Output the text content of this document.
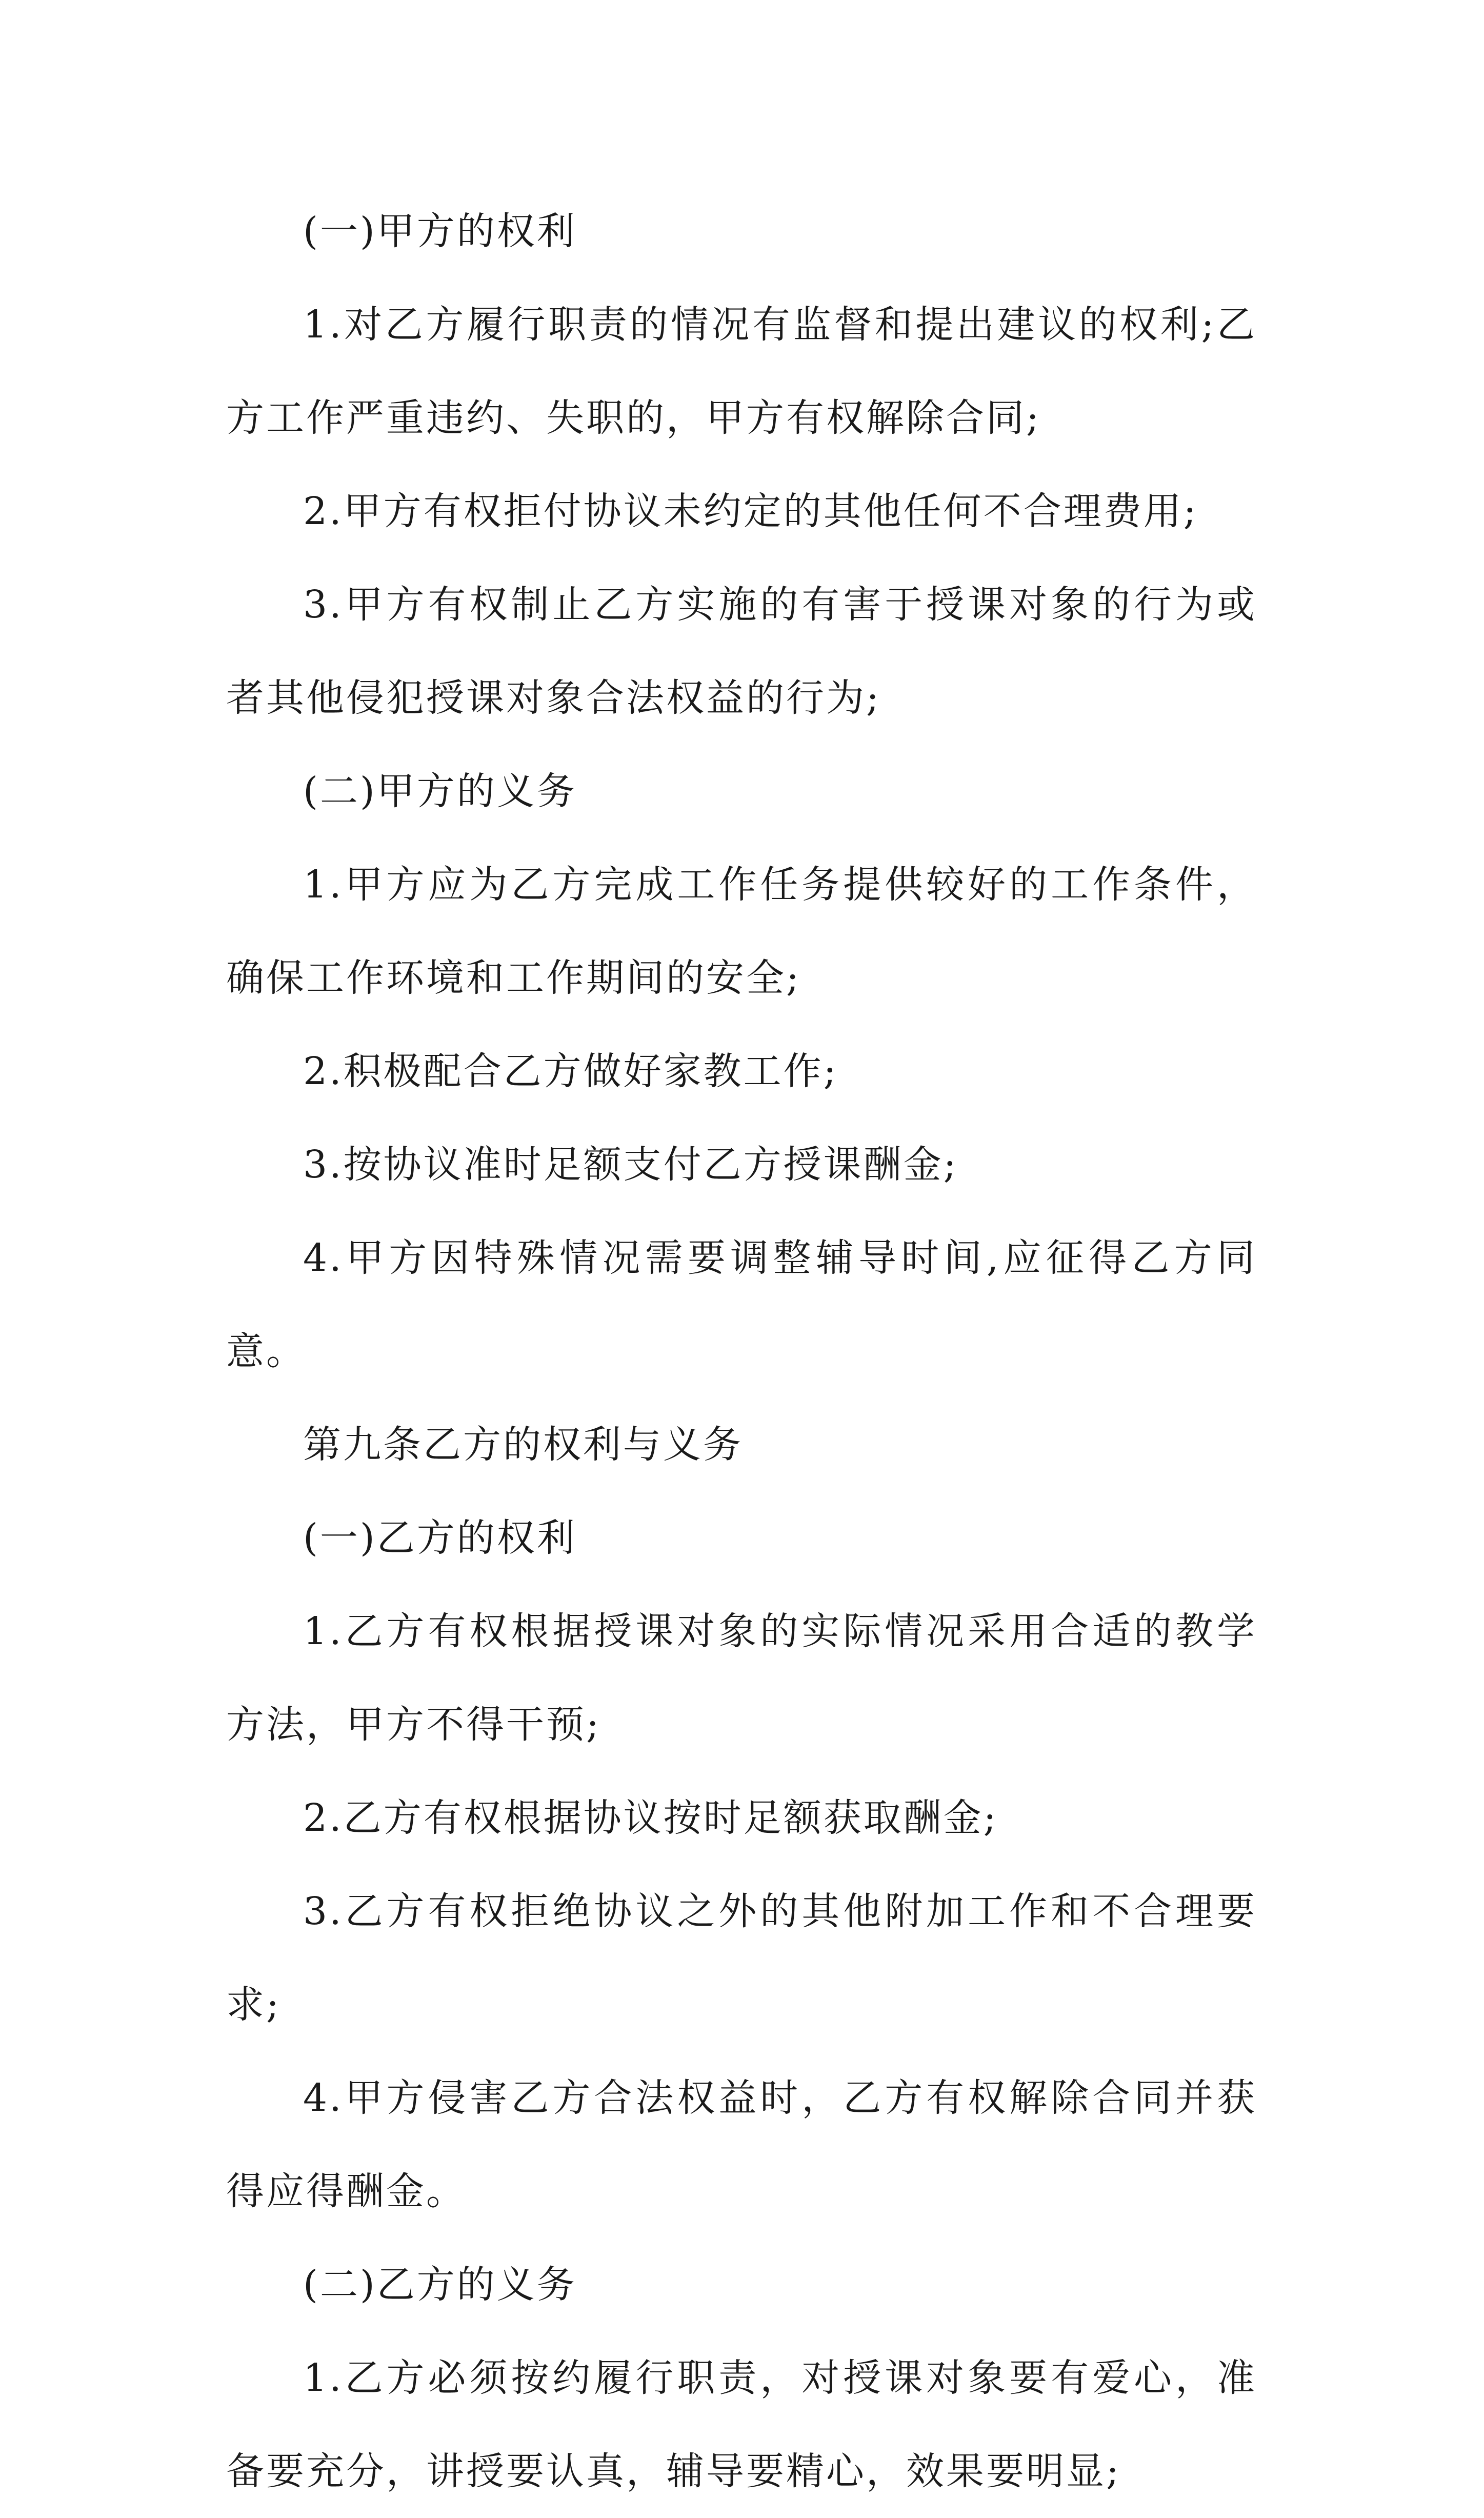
(一)甲方的权利

1.对乙方履行职责的情况有监督和提出建议的权利;乙方工作严重违约、失职的，甲方有权解除合同;

2.甲方有权拒付协议未约定的其他任何不合理费用;

3.甲方有权制止乙方实施的有害于授课对象的行为或者其他侵犯授课对象合法权益的行为;

(二)甲方的义务

1.甲方应为乙方完成工作任务提供较好的工作条件，确保工作环境和工作期间的安全;

2.积极配合乙方做好家教工作;

3.按协议准时足额支付乙方授课酬金;

4.甲方因特殊情况需要调整辅导时间,应征得乙方同意。

第九条乙方的权利与义务

(一)乙方的权利

1.乙方有权根据授课对象的实际情况采用合适的教学方法，甲方不得干预;

2.乙方有权根据协议按时足额获取酬金;

3.乙方有权拒绝协议之外的其他附加工作和不合理要求;

4.甲方侵害乙方合法权益时，乙方有权解除合同并获得应得酬金。

(二)乙方的义务

1.乙方必须按约履行职责，对授课对象要有爱心，准备要充分，讲授要认真，辅导要精心，效果要明显;
